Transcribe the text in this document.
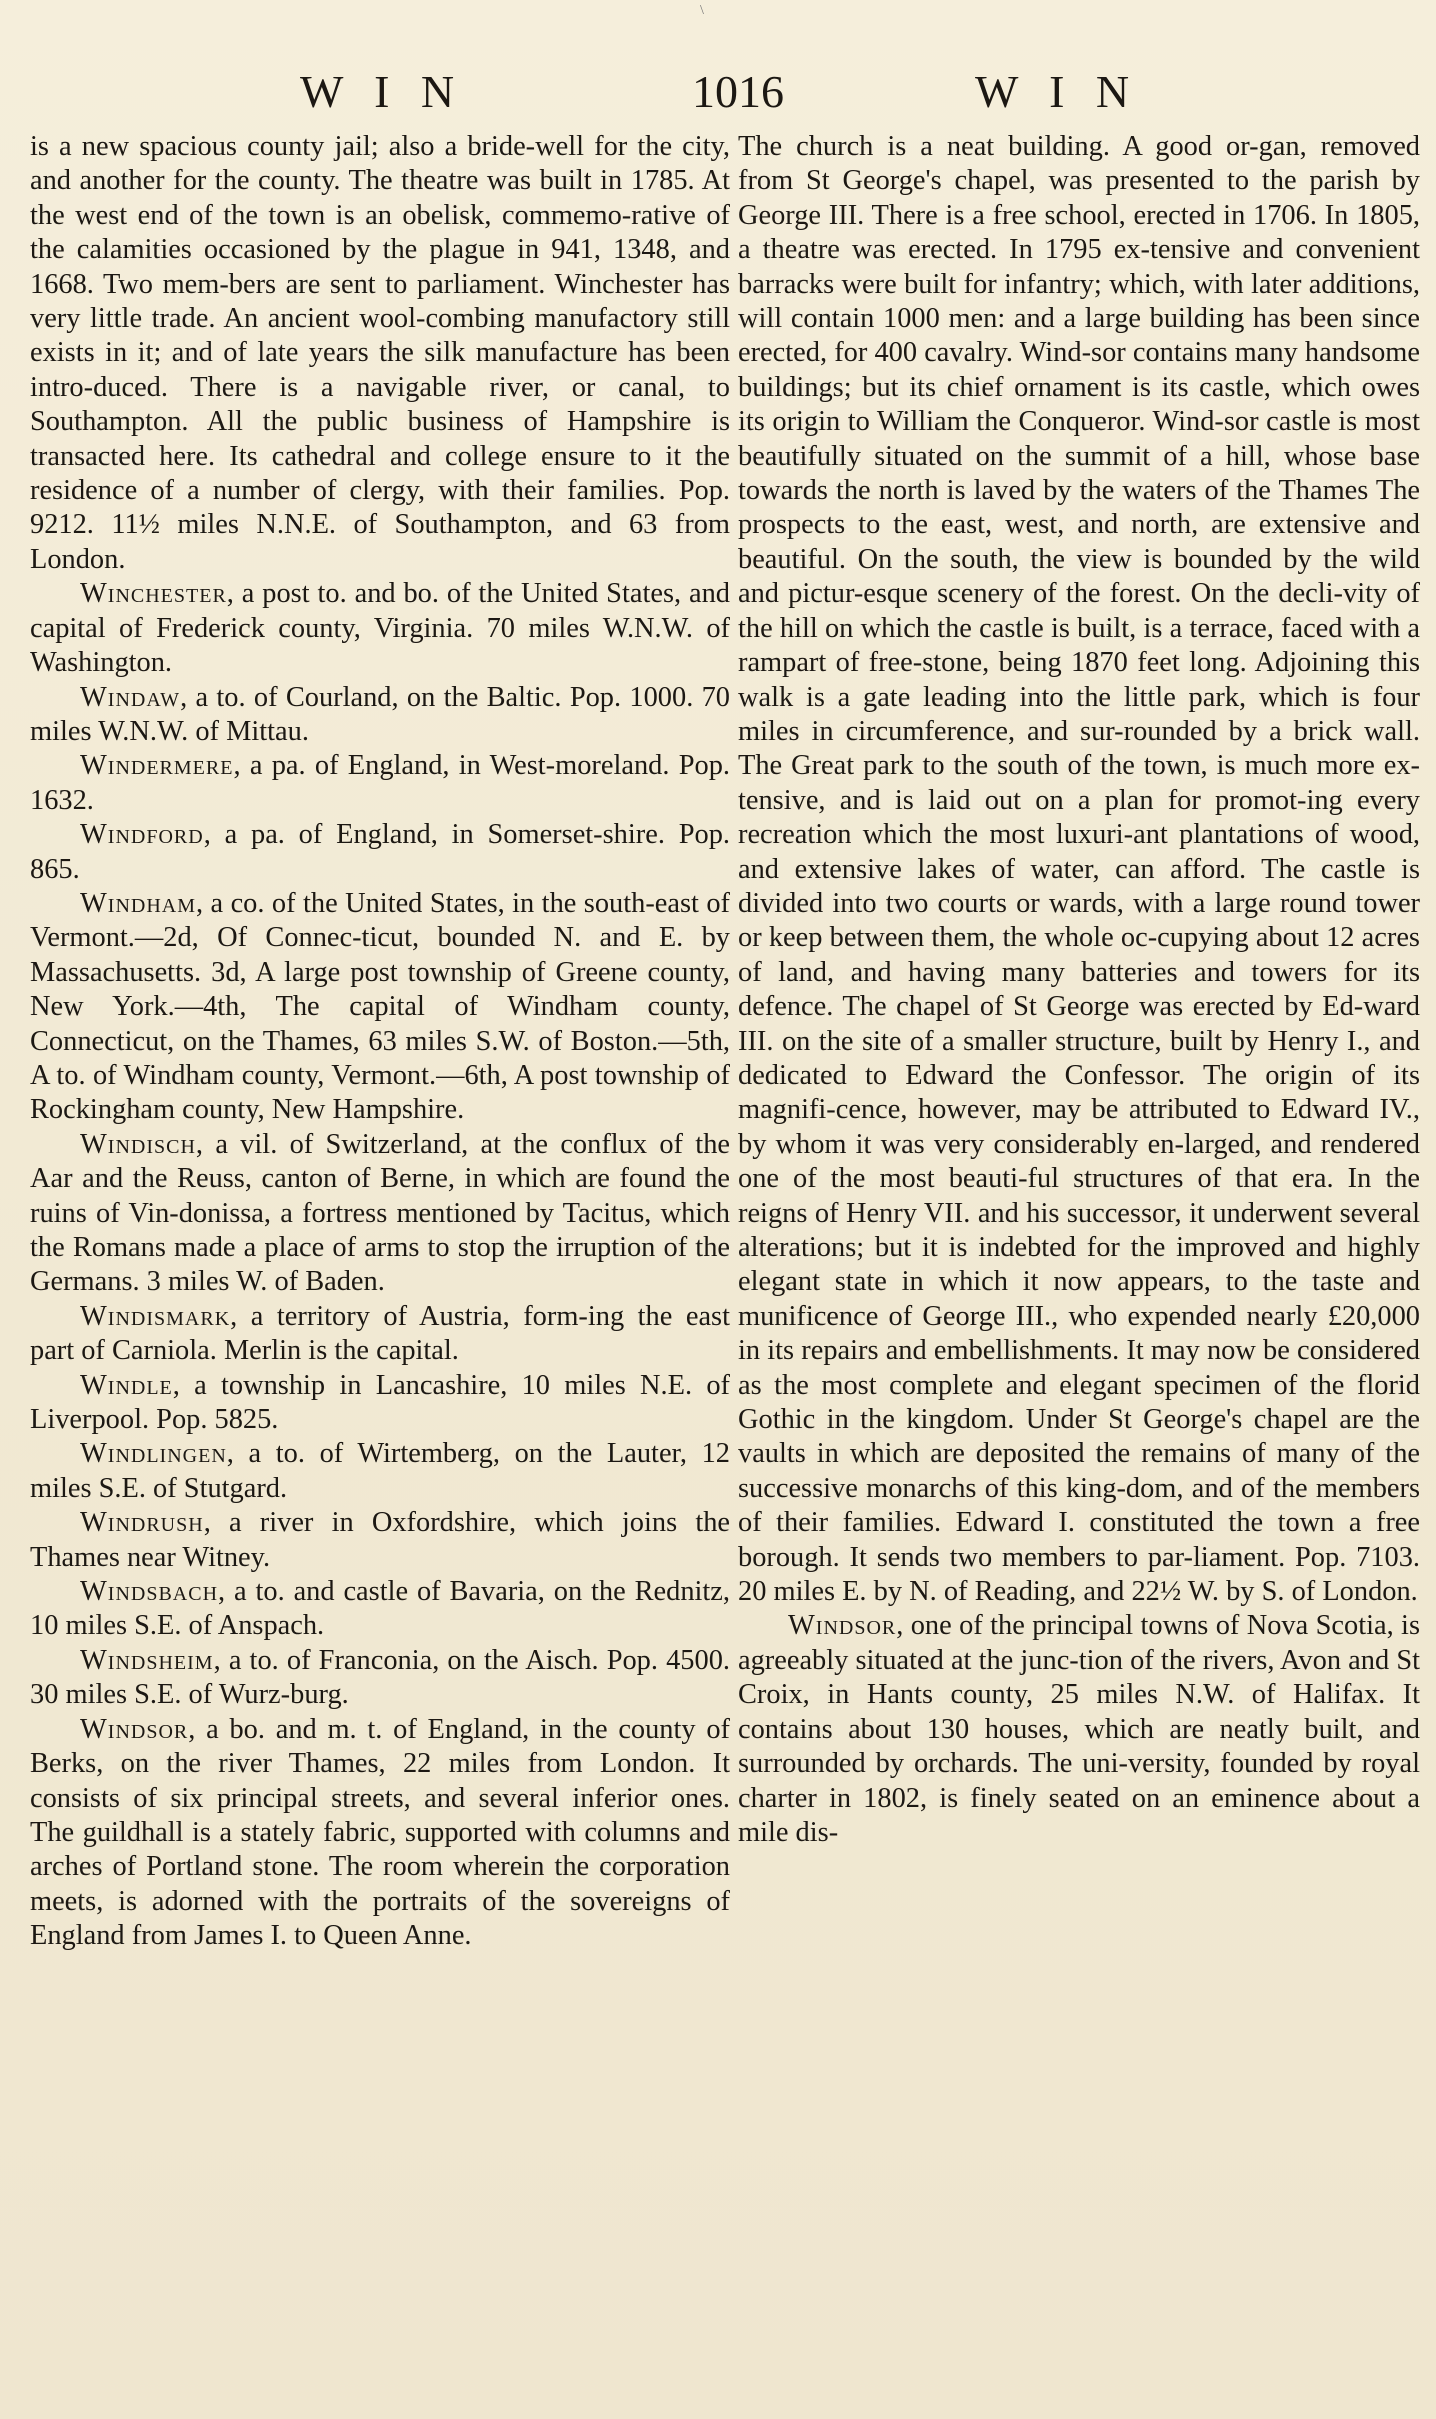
\
W I N	1016	W I N

is a new spacious county jail; also a bride-well for the city, and another for the county. The theatre was built in 1785. At the west end of the town is an obelisk, commemo-rative of the calamities occasioned by the plague in 941, 1348, and 1668. Two mem-bers are sent to parliament. Winchester has very little trade. An ancient wool-combing manufactory still exists in it; and of late years the silk manufacture has been intro-duced. There is a navigable river, or canal, to Southampton. All the public business of Hampshire is transacted here. Its cathedral and college ensure to it the residence of a number of clergy, with their families. Pop. 9212. 11½ miles N.N.E. of Southampton, and 63 from London.

Winchester, a post to. and bo. of the United States, and capital of Frederick county, Virginia. 70 miles W.N.W. of Washington.

Windaw, a to. of Courland, on the Baltic. Pop. 1000. 70 miles W.N.W. of Mittau.

Windermere, a pa. of England, in West-moreland. Pop. 1632.

Windford, a pa. of England, in Somerset-shire. Pop. 865.

Windham, a co. of the United States, in the south-east of Vermont.—2d, Of Connec-ticut, bounded N. and E. by Massachusetts. 3d, A large post township of Greene county, New York.—4th, The capital of Windham county, Connecticut, on the Thames, 63 miles S.W. of Boston.—5th, A to. of Windham county, Vermont.—6th, A post township of Rockingham county, New Hampshire.

Windisch, a vil. of Switzerland, at the conflux of the Aar and the Reuss, canton of Berne, in which are found the ruins of Vin-donissa, a fortress mentioned by Tacitus, which the Romans made a place of arms to stop the irruption of the Germans. 3 miles W. of Baden.

Windismark, a territory of Austria, form-ing the east part of Carniola. Merlin is the capital.

Windle, a township in Lancashire, 10 miles N.E. of Liverpool. Pop. 5825.

Windlingen, a to. of Wirtemberg, on the Lauter, 12 miles S.E. of Stutgard.

Windrush, a river in Oxfordshire, which joins the Thames near Witney.

Windsbach, a to. and castle of Bavaria, on the Rednitz, 10 miles S.E. of Anspach.

Windsheim, a to. of Franconia, on the Aisch. Pop. 4500. 30 miles S.E. of Wurz-burg.

Windsor, a bo. and m. t. of England, in the county of Berks, on the river Thames, 22 miles from London. It consists of six principal streets, and several inferior ones. The guildhall is a stately fabric, supported with columns and arches of Portland stone. The room wherein the corporation meets, is adorned with the portraits of the sovereigns of England from James I. to Queen Anne.

The church is a neat building. A good or-gan, removed from St George's chapel, was presented to the parish by George III. There is a free school, erected in 1706. In 1805, a theatre was erected. In 1795 ex-tensive and convenient barracks were built for infantry; which, with later additions, will contain 1000 men: and a large building has been since erected, for 400 cavalry. Wind-sor contains many handsome buildings; but its chief ornament is its castle, which owes its origin to William the Conqueror. Wind-sor castle is most beautifully situated on the summit of a hill, whose base towards the north is laved by the waters of the Thames The prospects to the east, west, and north, are extensive and beautiful. On the south, the view is bounded by the wild and pictur-esque scenery of the forest. On the decli-vity of the hill on which the castle is built, is a terrace, faced with a rampart of free-stone, being 1870 feet long. Adjoining this walk is a gate leading into the little park, which is four miles in circumference, and sur-rounded by a brick wall. The Great park to the south of the town, is much more ex-tensive, and is laid out on a plan for promot-ing every recreation which the most luxuri-ant plantations of wood, and extensive lakes of water, can afford. The castle is divided into two courts or wards, with a large round tower or keep between them, the whole oc-cupying about 12 acres of land, and having many batteries and towers for its defence. The chapel of St George was erected by Ed-ward III. on the site of a smaller structure, built by Henry I., and dedicated to Edward the Confessor. The origin of its magnifi-cence, however, may be attributed to Edward IV., by whom it was very considerably en-larged, and rendered one of the most beauti-ful structures of that era. In the reigns of Henry VII. and his successor, it underwent several alterations; but it is indebted for the improved and highly elegant state in which it now appears, to the taste and munificence of George III., who expended nearly £20,000 in its repairs and embellishments. It may now be considered as the most complete and elegant specimen of the florid Gothic in the kingdom. Under St George's chapel are the vaults in which are deposited the remains of many of the successive monarchs of this king-dom, and of the members of their families. Edward I. constituted the town a free borough. It sends two members to par-liament. Pop. 7103. 20 miles E. by N. of Reading, and 22½ W. by S. of London.

Windsor, one of the principal towns of Nova Scotia, is agreeably situated at the junc-tion of the rivers, Avon and St Croix, in Hants county, 25 miles N.W. of Halifax. It contains about 130 houses, which are neatly built, and surrounded by orchards. The uni-versity, founded by royal charter in 1802, is finely seated on an eminence about a mile dis-
